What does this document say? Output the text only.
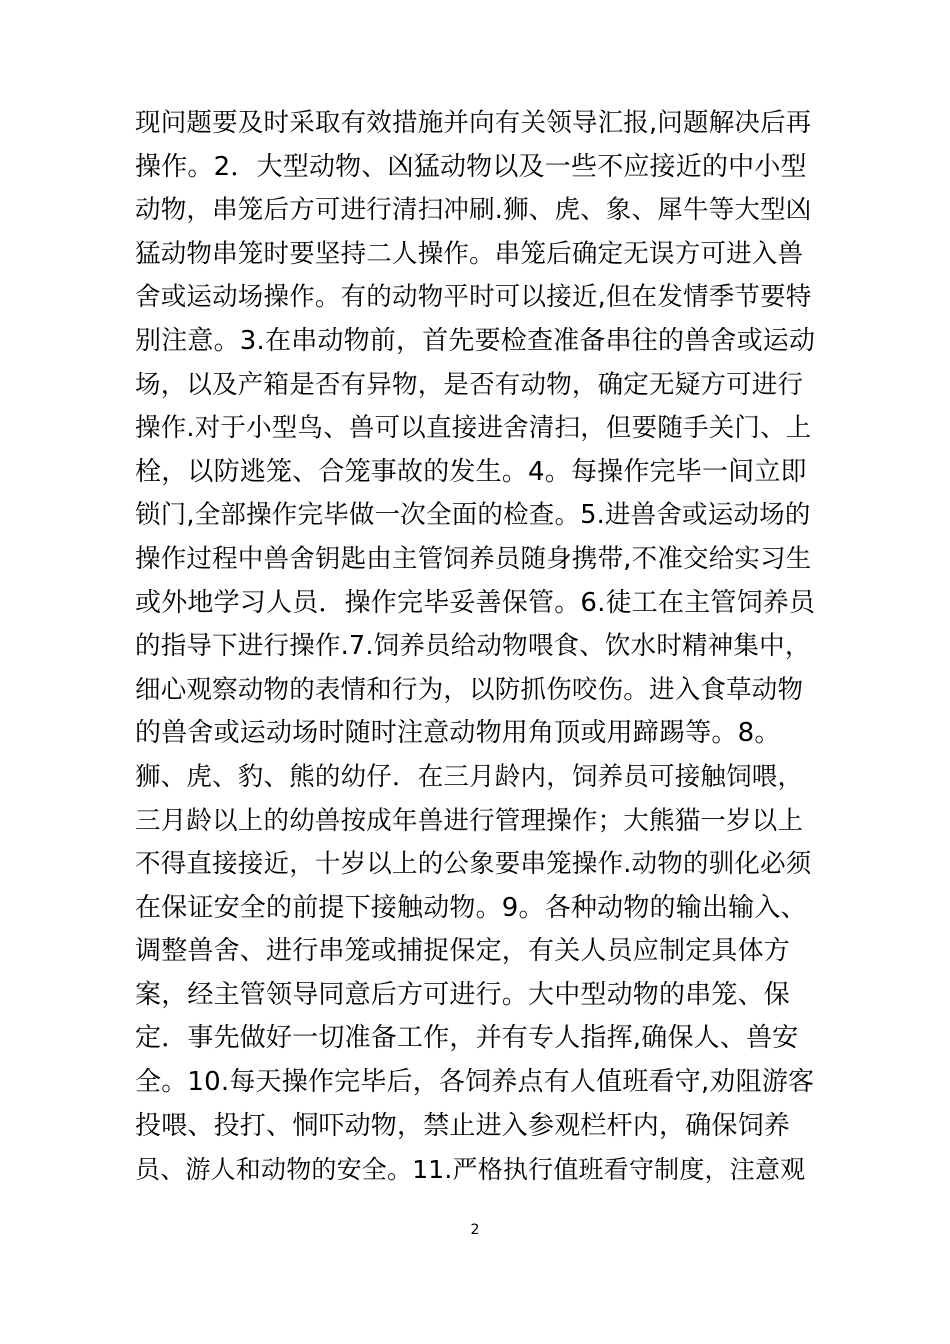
现问题要及时采取有效措施并向有关领导汇报,问题解决后再
操作。2．大型动物、凶猛动物以及一些不应接近的中小型
动物，串笼后方可进行清扫冲刷.狮、虎、象、犀牛等大型凶
猛动物串笼时要坚持二人操作。串笼后确定无误方可进入兽
舍或运动场操作。有的动物平时可以接近,但在发情季节要特
别注意。3.在串动物前，首先要检查准备串往的兽舍或运动
场，以及产箱是否有异物，是否有动物，确定无疑方可进行
操作.对于小型鸟、兽可以直接进舍清扫，但要随手关门、上
栓，以防逃笼、合笼事故的发生。4。每操作完毕一间立即
锁门,全部操作完毕做一次全面的检查。5.进兽舍或运动场的
操作过程中兽舍钥匙由主管饲养员随身携带,不准交给实习生
或外地学习人员．操作完毕妥善保管。6.徒工在主管饲养员
的指导下进行操作.7.饲养员给动物喂食、饮水时精神集中，
细心观察动物的表情和行为，以防抓伤咬伤。进入食草动物
的兽舍或运动场时随时注意动物用角顶或用蹄踢等。8。
狮、虎、豹、熊的幼仔．在三月龄内，饲养员可接触饲喂，
三月龄以上的幼兽按成年兽进行管理操作；大熊猫一岁以上
不得直接接近，十岁以上的公象要串笼操作.动物的驯化必须
在保证安全的前提下接触动物。9。各种动物的输出输入、
调整兽舍、进行串笼或捕捉保定，有关人员应制定具体方
案，经主管领导同意后方可进行。大中型动物的串笼、保
定．事先做好一切准备工作，并有专人指挥,确保人、兽安
全。10.每天操作完毕后，各饲养点有人值班看守,劝阻游客
投喂、投打、恫吓动物，禁止进入参观栏杆内，确保饲养
员、游人和动物的安全。11.严格执行值班看守制度，注意观
2
